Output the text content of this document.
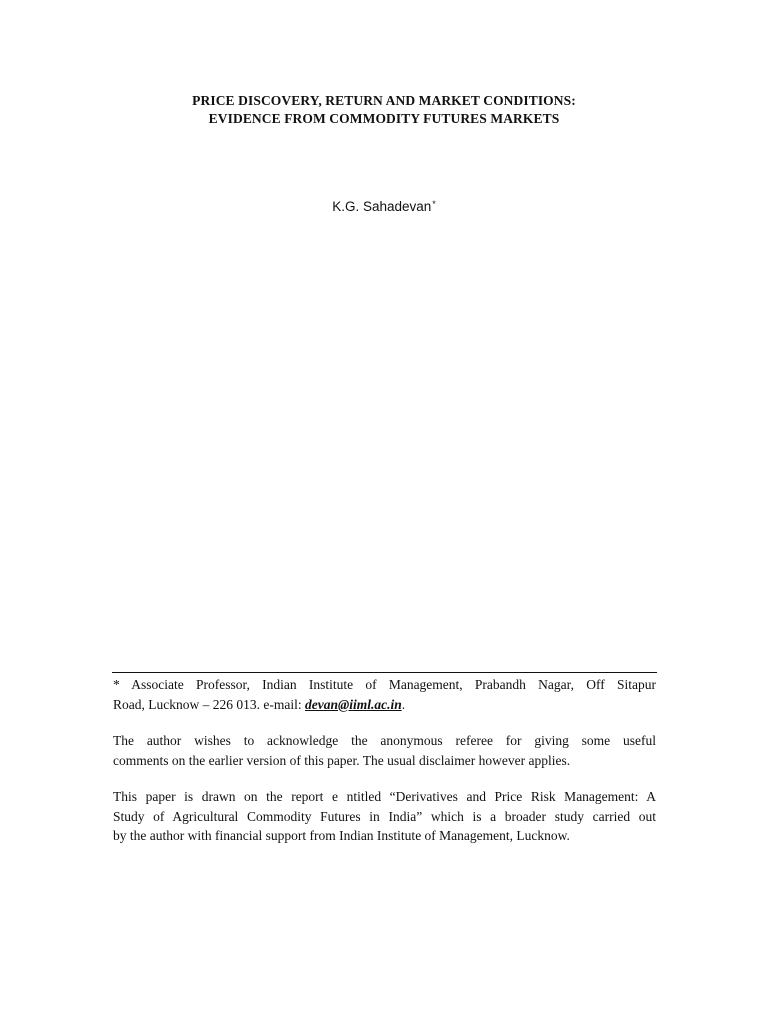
PRICE DISCOVERY, RETURN AND MARKET CONDITIONS:
EVIDENCE FROM COMMODITY FUTURES MARKETS
K.G. Sahadevan*

* Associate Professor, Indian Institute of Management, Prabandh Nagar, Off Sitapur
Road, Lucknow – 226 013. e-mail: devan@iiml.ac.in.

The author wishes to acknowledge the anonymous referee for giving some useful
comments on the earlier version of this paper. The usual disclaimer however applies.

This paper is drawn on the report e ntitled “Derivatives and Price Risk Management: A
Study of Agricultural Commodity Futures in India” which is a broader study carried out
by the author with financial support from Indian Institute of Management, Lucknow.
